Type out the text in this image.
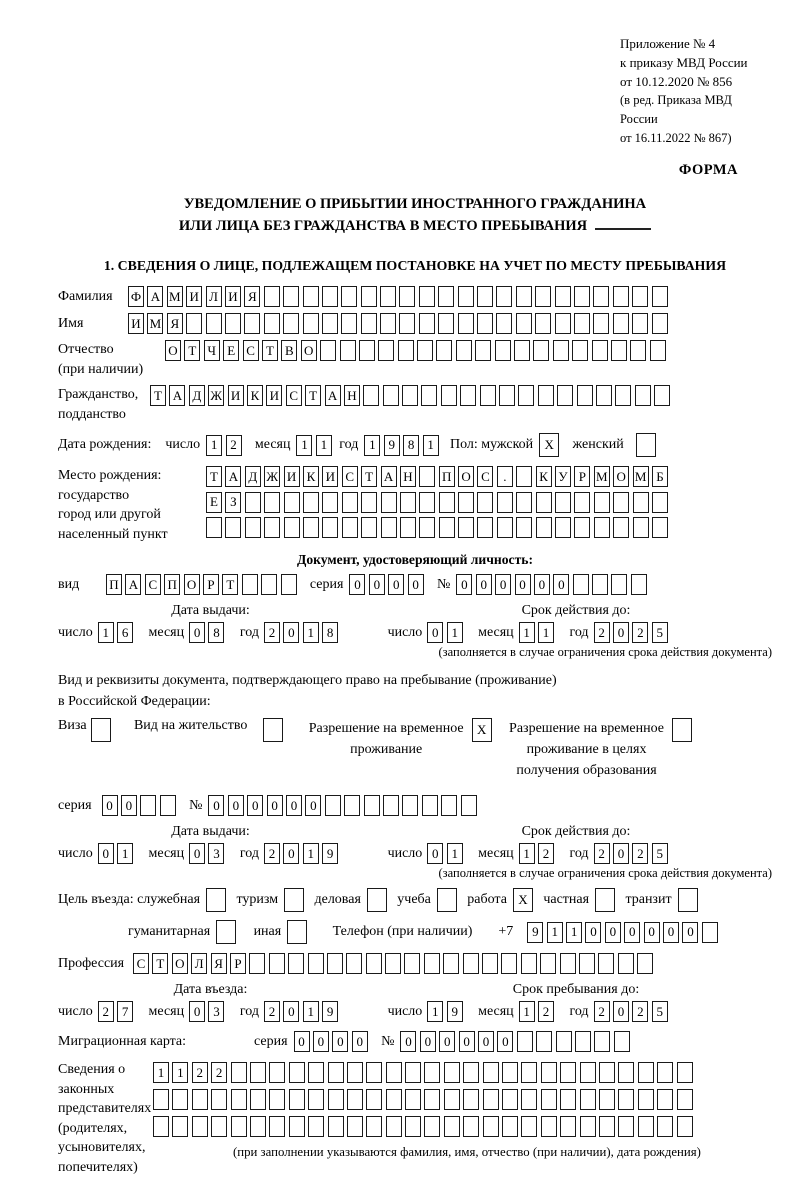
Приложение № 4
к приказу МВД России
от 10.12.2020 № 856
(в ред. Приказа МВД России
от 16.11.2022 № 867)
ФОРМА
УВЕДОМЛЕНИЕ О ПРИБЫТИИ ИНОСТРАННОГО ГРАЖДАНИНА
ИЛИ ЛИЦА БЕЗ ГРАЖДАНСТВА В МЕСТО ПРЕБЫВАНИЯ
1. СВЕДЕНИЯ О ЛИЦЕ, ПОДЛЕЖАЩЕМ ПОСТАНОВКЕ НА УЧЕТ ПО МЕСТУ ПРЕБЫВАНИЯ
Фамилия	Ф А М И Л И Я
Имя	И М Я
Отчество
(при наличии)
О Т Ч Е С Т В О
Гражданство,
подданство
Т А Д Ж И К И С Т А Н
Дата рождения: число 1 2	месяц 1 1 год 1 9 8 1	Пол: мужской X	женский
Место рождения:
государство
город или другой
населенный пункт
Т А Д Ж И К И С Т А Н П О С	.	К У Р М О М Б
Е З
Документ, удостоверяющий личность:
вид	П А С П О Р Т	серия 0 0 0 0	№ 0 0 0 0 0 0
Дата выдачи:	Срок действия до:
число 1 6	месяц 0 8	год 2 0 1 8	число 0 1	месяц 1 1	год 2 0 2 5
(заполняется в случае ограничения срока действия документа)
Вид и реквизиты документа, подтверждающего право на пребывание (проживание)
в Российской Федерации:
Виза	Вид на жительство	Разрешение на временное
проживание
X	Разрешение на временное
проживание в целях
получения образования
серия	0 0	№ 0 0 0 0 0 0
Дата выдачи:	Срок действия до:
число 0 1	месяц 0 3	год 2 0 1 9	число 0 1	месяц 1 2	год 2 0 2 5
(заполняется в случае ограничения срока действия документа)
Цель въезда: служебная	туризм	деловая	учеба	работа X	частная	транзит
гуманитарная	иная	Телефон (при наличии) +7	9 1 1 0 0 0 0 0 0
Профессия С Т О Л Я Р
Дата въезда:	Срок пребывания до:
число 2 7	месяц 0 3	год 2 0 1 9	число 1 9	месяц 1 2	год 2 0 2 5
Миграционная карта:	серия 0 0 0 0	№ 0 0 0 0 0 0
Сведения о
законных
представителях
(родителях,
усыновителях,
попечителях)
1 1 2 2
(при заполнении указываются фамилия, имя, отчество (при наличии), дата рождения)
